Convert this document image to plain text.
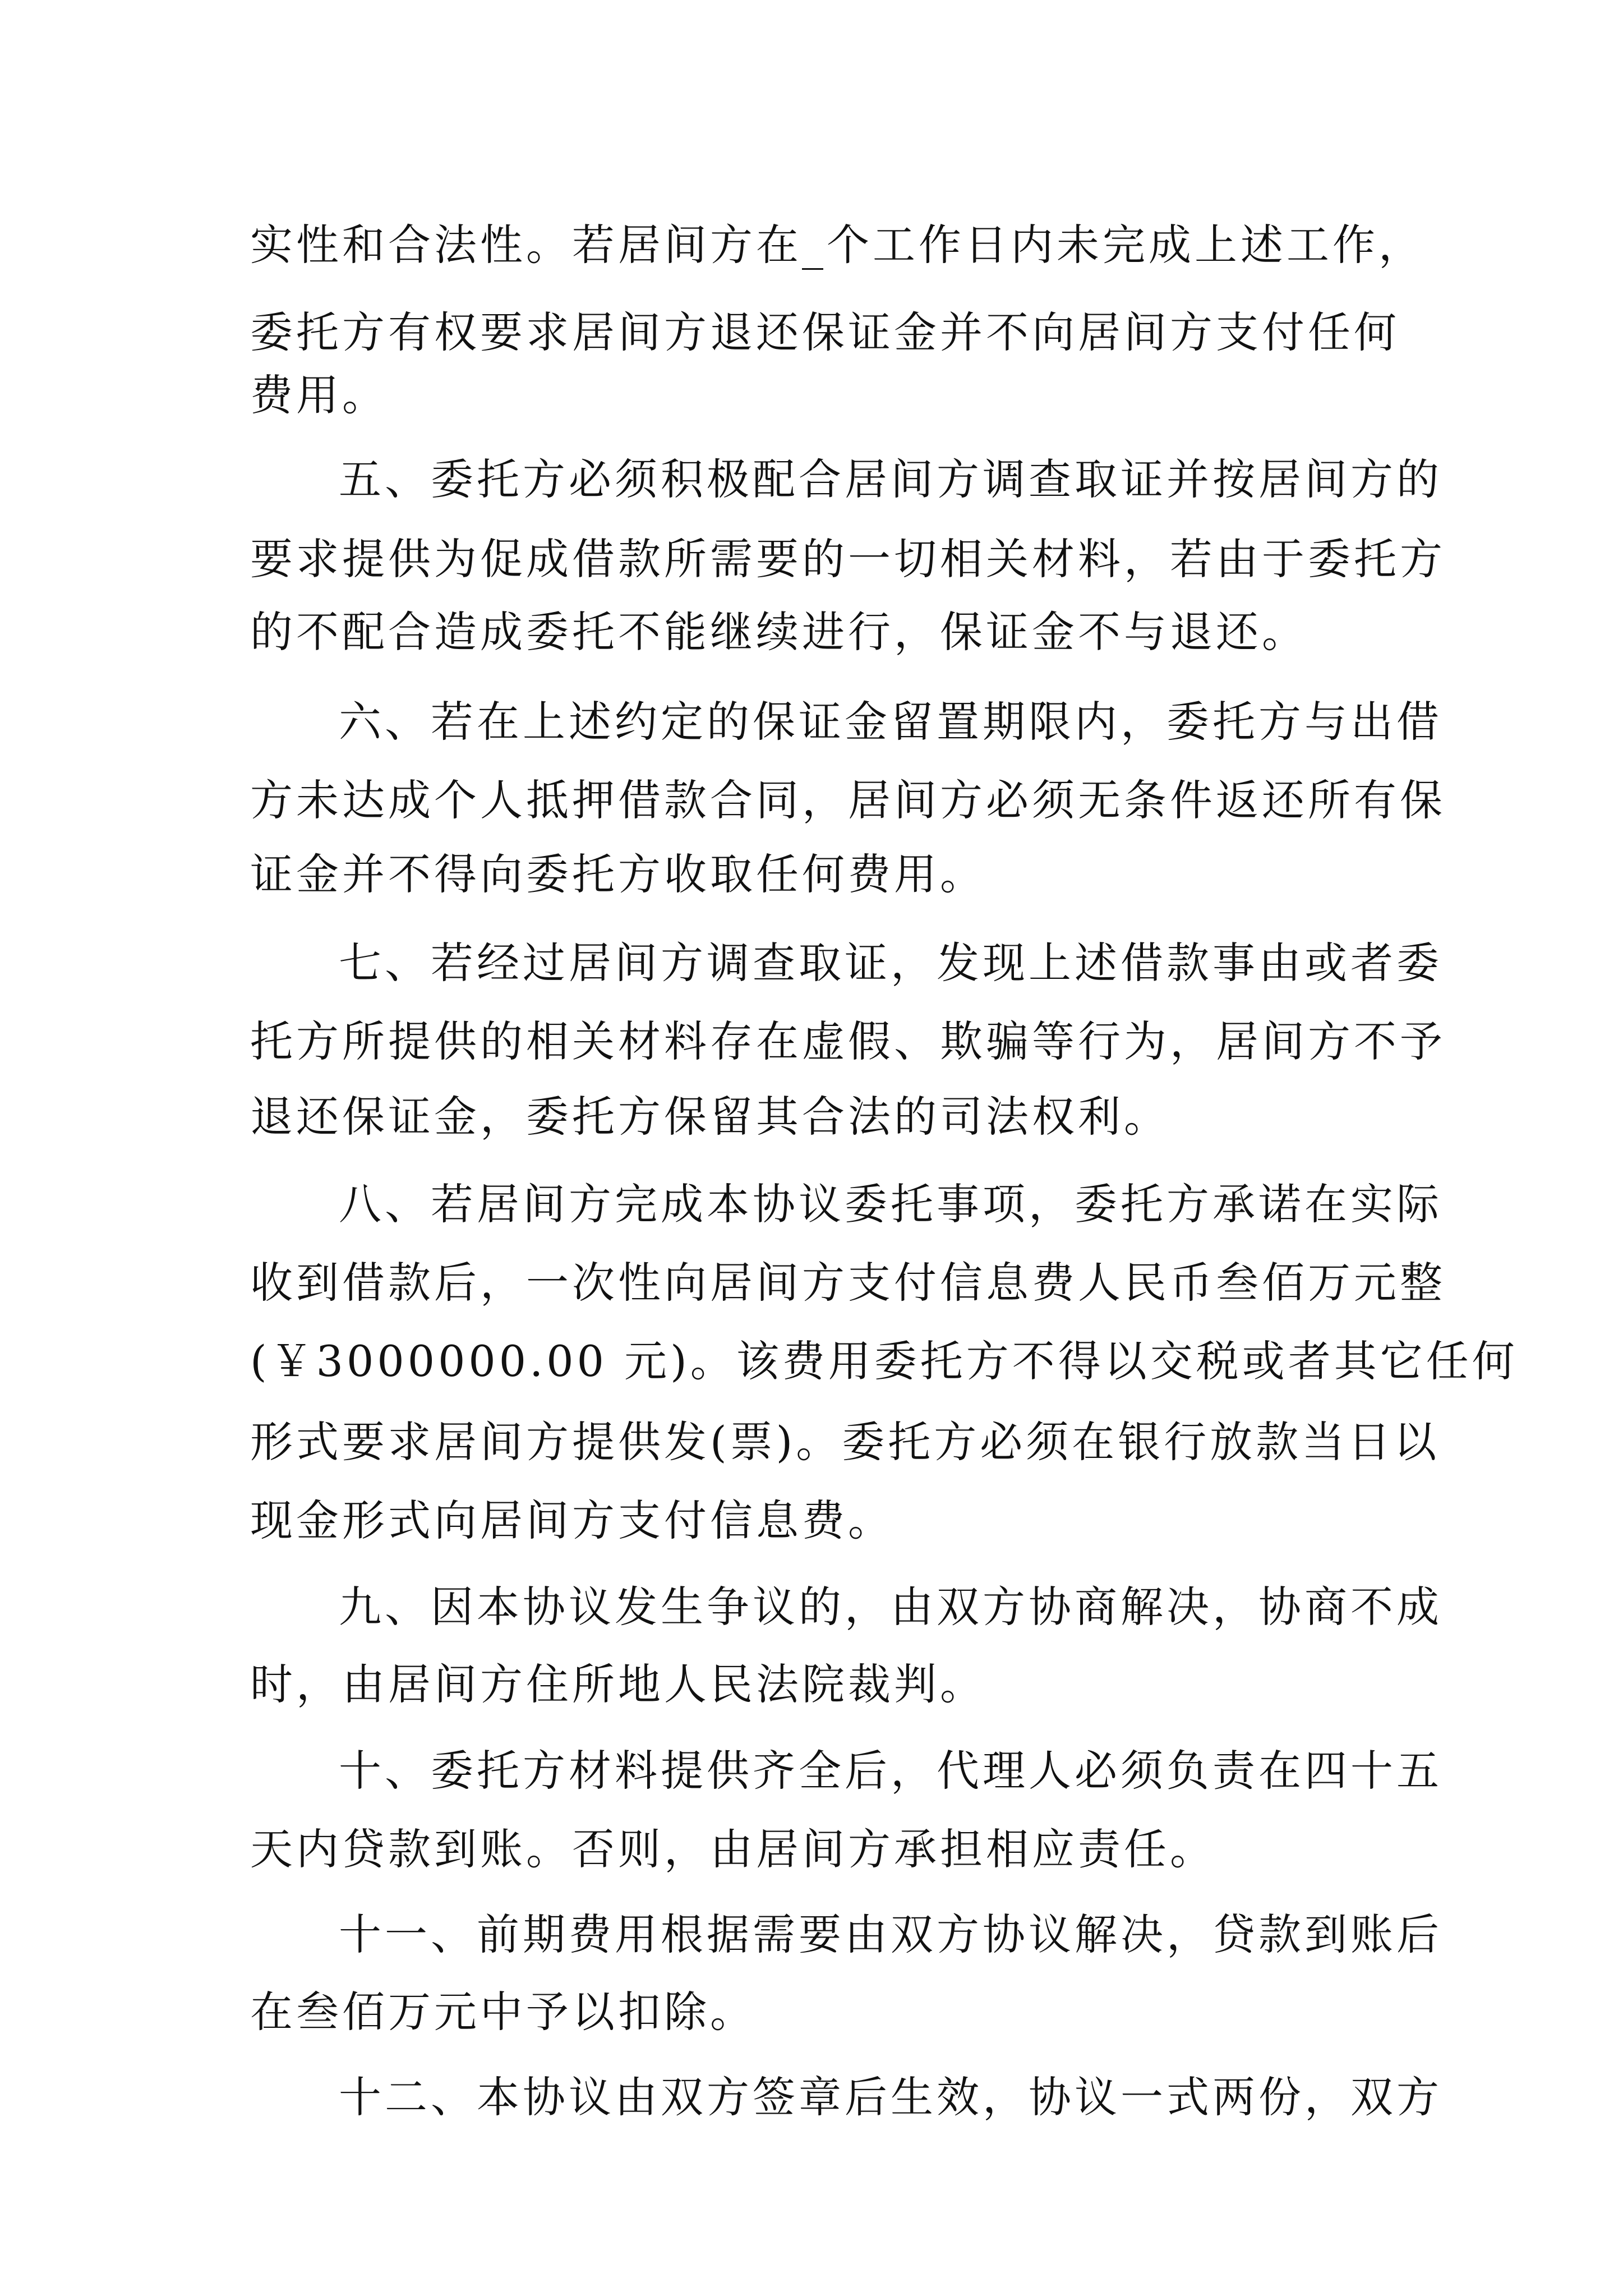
实性和合法性。若居间方在_个工作日内未完成上述工作，

委托方有权要求居间方退还保证金并不向居间方支付任何

费用。

五、委托方必须积极配合居间方调查取证并按居间方的

要求提供为促成借款所需要的一切相关材料，若由于委托方

的不配合造成委托不能继续进行，保证金不与退还。

六、若在上述约定的保证金留置期限内，委托方与出借

方未达成个人抵押借款合同，居间方必须无条件返还所有保

证金并不得向委托方收取任何费用。

七、若经过居间方调查取证，发现上述借款事由或者委

托方所提供的相关材料存在虚假、欺骗等行为，居间方不予

退还保证金，委托方保留其合法的司法权利。

八、若居间方完成本协议委托事项，委托方承诺在实际

收到借款后，一次性向居间方支付信息费人民币叁佰万元整

(￥3000000.00 元)。该费用委托方不得以交税或者其它任何

形式要求居间方提供发(票)。委托方必须在银行放款当日以

现金形式向居间方支付信息费。

九、因本协议发生争议的，由双方协商解决，协商不成

时，由居间方住所地人民法院裁判。

十、委托方材料提供齐全后，代理人必须负责在四十五

天内贷款到账。否则，由居间方承担相应责任。

十一、前期费用根据需要由双方协议解决，贷款到账后

在叁佰万元中予以扣除。

十二、本协议由双方签章后生效，协议一式两份，双方
